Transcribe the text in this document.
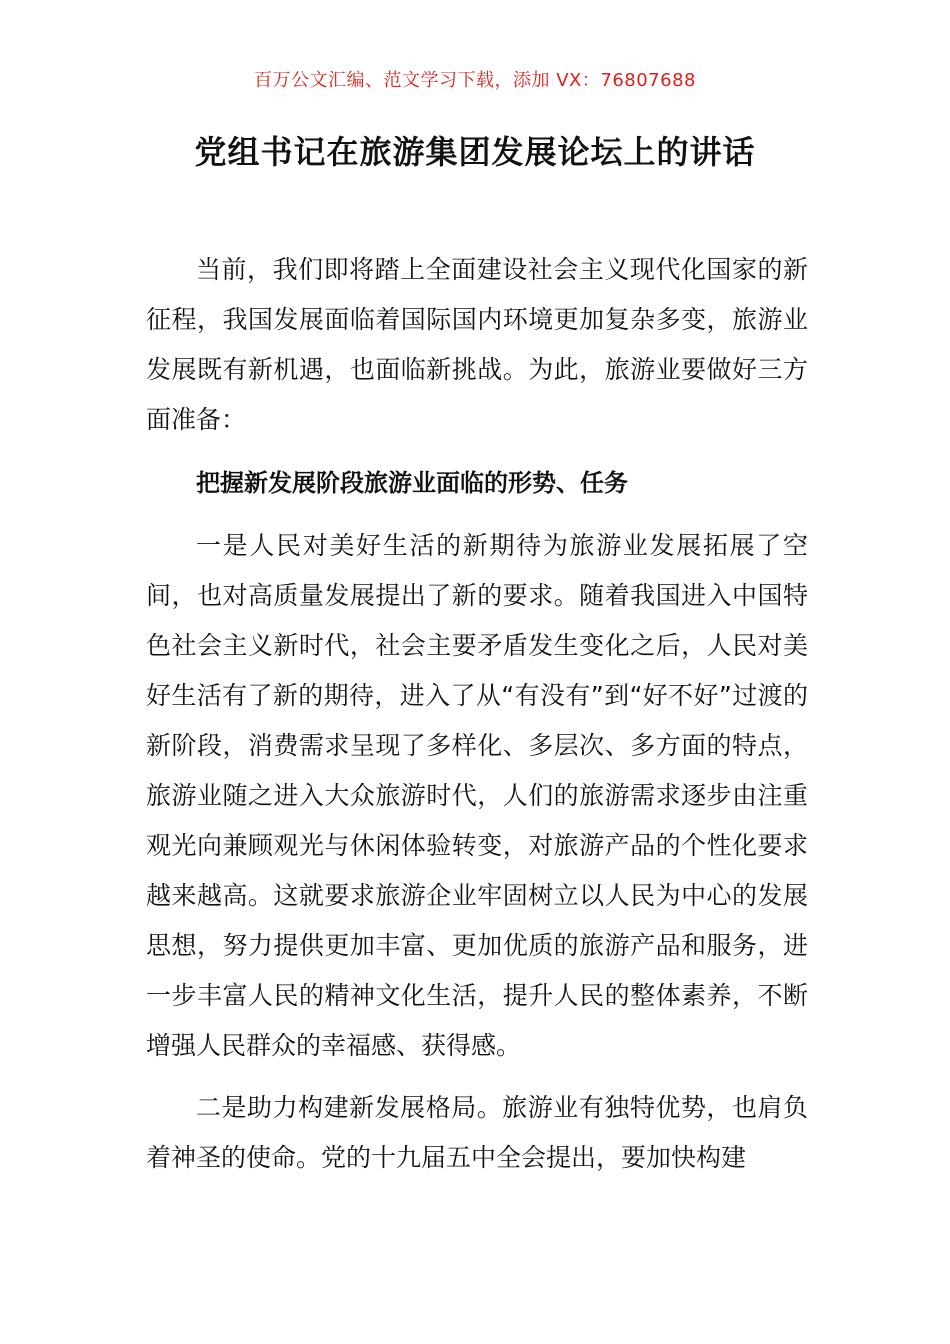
百万公文汇编、范文学习下载，添加 VX：76807688
党组书记在旅游集团发展论坛上的讲话

当前，我们即将踏上全面建设社会主义现代化国家的新征程，我国发展面临着国际国内环境更加复杂多变，旅游业发展既有新机遇，也面临新挑战。为此，旅游业要做好三方面准备：

把握新发展阶段旅游业面临的形势、任务

一是人民对美好生活的新期待为旅游业发展拓展了空间，也对高质量发展提出了新的要求。随着我国进入中国特色社会主义新时代，社会主要矛盾发生变化之后，人民对美好生活有了新的期待，进入了从“有没有”到“好不好”过渡的新阶段，消费需求呈现了多样化、多层次、多方面的特点，旅游业随之进入大众旅游时代，人们的旅游需求逐步由注重观光向兼顾观光与休闲体验转变，对旅游产品的个性化要求越来越高。这就要求旅游企业牢固树立以人民为中心的发展思想，努力提供更加丰富、更加优质的旅游产品和服务，进一步丰富人民的精神文化生活，提升人民的整体素养，不断增强人民群众的幸福感、获得感。

二是助力构建新发展格局。旅游业有独特优势，也肩负着神圣的使命。党的十九届五中全会提出，要加快构建
